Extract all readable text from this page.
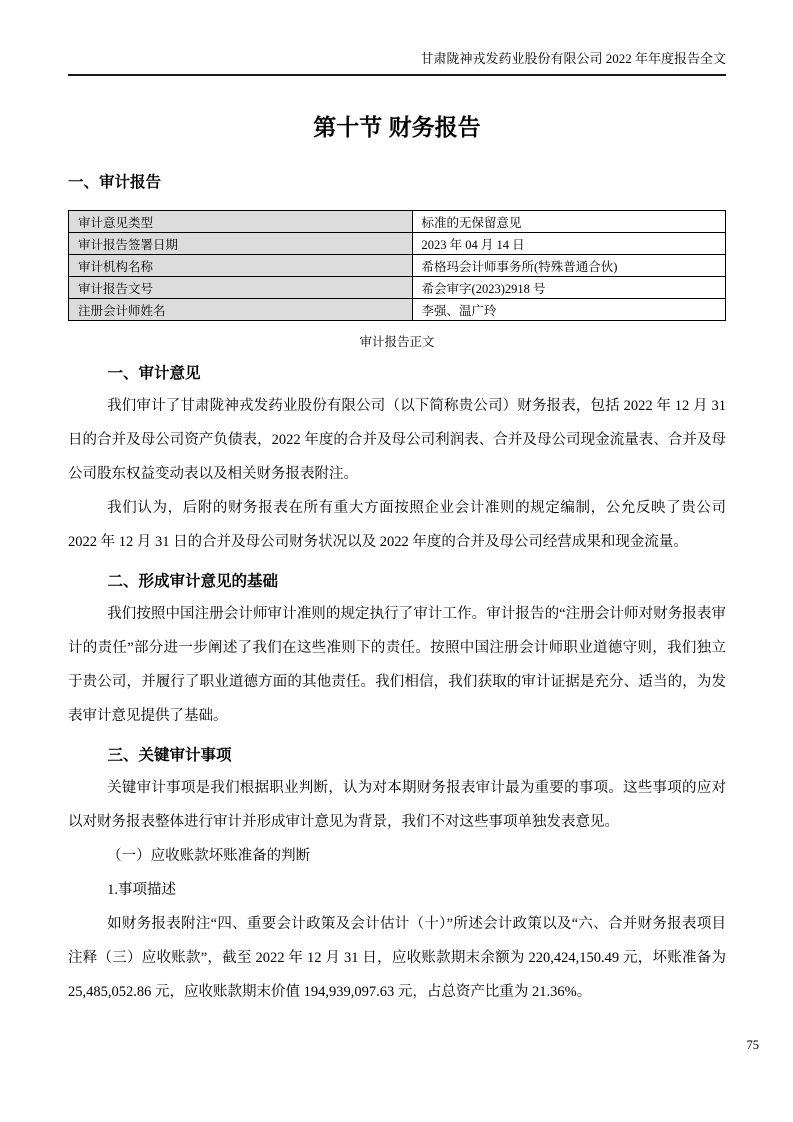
甘肃陇神戎发药业股份有限公司 2022 年年度报告全文
第十节 财务报告
一、审计报告
审计意见类型	标准的无保留意见
审计报告签署日期	2023 年 04 月 14 日
审计机构名称	希格玛会计师事务所(特殊普通合伙)
审计报告文号	希会审字(2023)2918 号
注册会计师姓名	李强、温广玲
审计报告正文
一、审计意见

我们审计了甘肃陇神戎发药业股份有限公司（以下简称贵公司）财务报表，包括 2022 年 12 月 31 日的合并及母公司资产负债表，2022 年度的合并及母公司利润表、合并及母公司现金流量表、合并及母公司股东权益变动表以及相关财务报表附注。

我们认为，后附的财务报表在所有重大方面按照企业会计准则的规定编制，公允反映了贵公司 2022 年 12 月 31 日的合并及母公司财务状况以及 2022 年度的合并及母公司经营成果和现金流量。

二、形成审计意见的基础

我们按照中国注册会计师审计准则的规定执行了审计工作。审计报告的“注册会计师对财务报表审计的责任”部分进一步阐述了我们在这些准则下的责任。按照中国注册会计师职业道德守则，我们独立于贵公司，并履行了职业道德方面的其他责任。我们相信，我们获取的审计证据是充分、适当的，为发表审计意见提供了基础。

三、关键审计事项

关键审计事项是我们根据职业判断，认为对本期财务报表审计最为重要的事项。这些事项的应对以对财务报表整体进行审计并形成审计意见为背景，我们不对这些事项单独发表意见。

（一）应收账款坏账准备的判断

1.事项描述

如财务报表附注“四、重要会计政策及会计估计（十）”所述会计政策以及“六、合并财务报表项目注释（三）应收账款”，截至 2022 年 12 月 31 日，应收账款期末余额为 220,424,150.49 元，坏账准备为 25,485,052.86 元，应收账款期末价值 194,939,097.63 元，占总资产比重为 21.36%。

75
